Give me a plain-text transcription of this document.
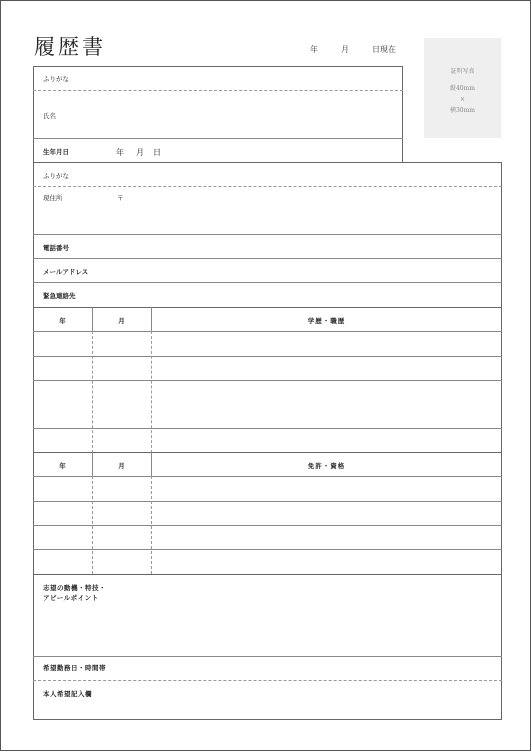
履歴書	年	月	日現在
証明写真
縦40mm
×
横30mm
ふりがな
氏名
生年月日	年 月 日
ふりがな
現住所	〒
電話番号
メールアドレス
緊急連絡先
年	月	学歴・職歴
年	月	免許・資格
志望の動機・特技・
アピールポイント
希望勤務日・時間帯
本人希望記入欄
